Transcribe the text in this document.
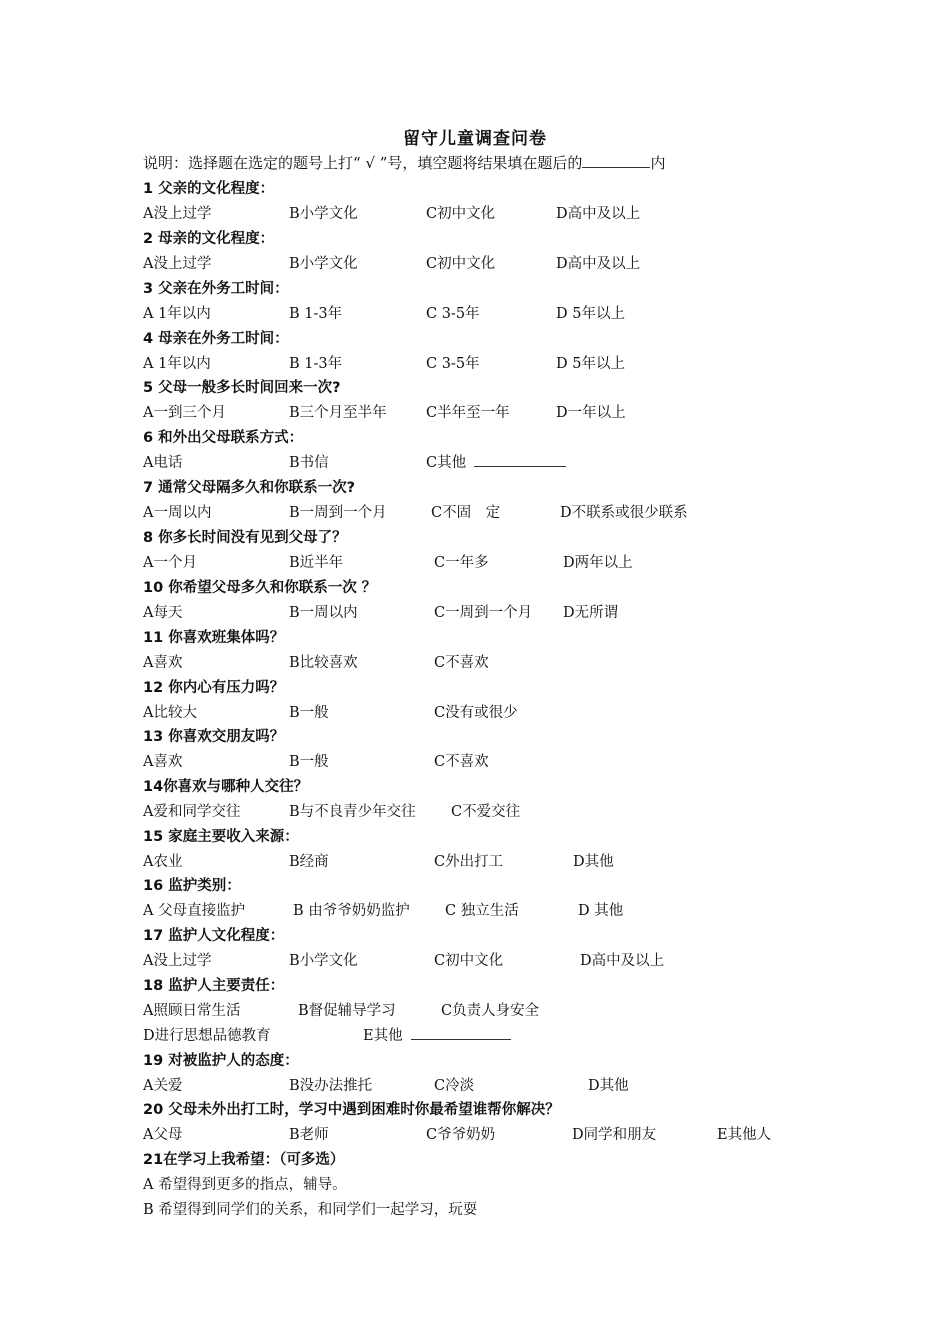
留守儿童调查问卷
说明：选择题在选定的题号上打“ √ ”号，填空题将结果填在题后的	内
1 父亲的文化程度：
A没上过学	B小学文化	C初中文化	D高中及以上
2 母亲的文化程度：
A没上过学	B小学文化	C初中文化	D高中及以上
3 父亲在外务工时间：
A 1年以内	B 1-3年	C 3-5年	D 5年以上
4 母亲在外务工时间：
A 1年以内	B 1-3年	C 3-5年	D 5年以上
5 父母一般多长时间回来一次?
A一到三个月	B三个月至半年	C半年至一年	D一年以上
6 和外出父母联系方式：
A电话	B书信	C其他
7 通常父母隔多久和你联系一次?
A一周以内	B一周到一个月	C不固　定	D不联系或很少联系
8 你多长时间没有见到父母了？
A一个月	B近半年	C一年多	D两年以上
10 你希望父母多久和你联系一次 ？
A每天	B一周以内	C一周到一个月 D无所谓
11 你喜欢班集体吗？
A喜欢	B比较喜欢	C不喜欢
12 你内心有压力吗？
A比较大	B一般	C没有或很少
13 你喜欢交朋友吗？
A喜欢	B一般	C不喜欢
14你喜欢与哪种人交往？
A爱和同学交往	B与不良青少年交往 C不爱交往
15 家庭主要收入来源：
A农业	B经商	C外出打工	D其他
16 监护类别：
A 父母直接监护	B 由爷爷奶奶监护 C 独立生活	D 其他
17 监护人文化程度：
A没上过学	B小学文化	C初中文化	D高中及以上
18 监护人主要责任：
A照顾日常生活	B督促辅导学习	C负责人身安全
D进行思想品德教育	E其他
19 对被监护人的态度：
A关爱	B没办法推托	C冷淡	D其他
20 父母未外出打工时，学习中遇到困难时你最希望谁帮你解决？
A父母	B老师	C爷爷奶奶	D同学和朋友	E其他人
21在学习上我希望：（可多选）
A 希望得到更多的指点，辅导。
B 希望得到同学们的关系，和同学们一起学习，玩耍
